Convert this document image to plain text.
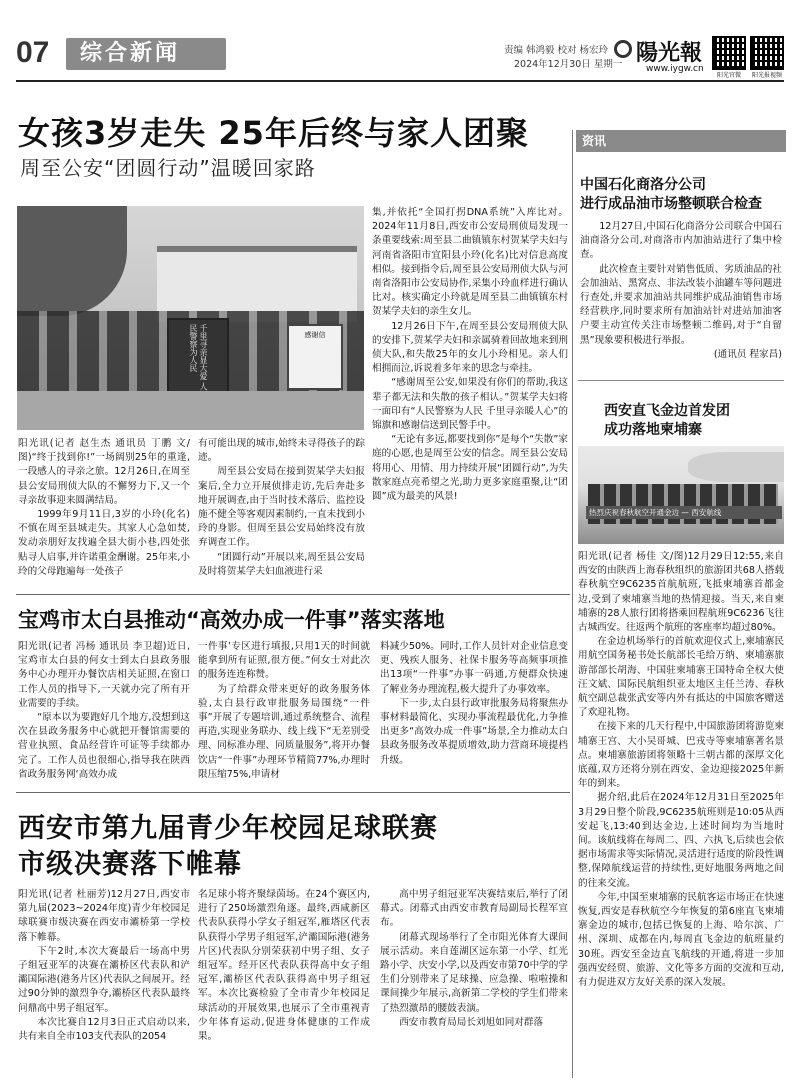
07	综合新闻	责编 韩鸿毅 校对 杨宏玲
2024年12月30日 星期一 陽光報
www.iygw.cn
阳光官微	阳光报视频
女孩3岁走失 25年后终与家人团聚
周至公安“团圆行动”温暖回家路
千里寻亲显大爱 人民警察为人民	感谢信

阳光讯(记者 赵生杰 通讯员 丁鹏 文/图)“终于找到你!”一场阔别25年的重逢,一段感人的寻亲之旅。12月26日,在周至县公安局刑侦大队的不懈努力下,又一个寻亲故事迎来圆满结局。

1999年9月11日,3岁的小玲(化名)不慎在周至县城走失。其家人心急如焚,发动亲朋好友找遍全县大街小巷,四处张贴寻人启事,并许诺重金酬谢。25年来,小玲的父母跑遍每一处孩子

有可能出现的城市,始终未寻得孩子的踪迹。

周至县公安局在接到贺某学夫妇报案后,全力立开展侦排走访,先后奔赴多地开展调查,由于当时技术落后、监控设施不健全等客观因素制约,一直未找到小玲的身影。但周至县公安局始终没有放弃调查工作。

“团圆行动”开展以来,周至县公安局及时将贺某学夫妇血液进行采

集,并依托“全国打拐DNA系统”入库比对。2024年11月8日,西安市公安局刑侦局发现一条重要线索:周至县二曲镇镇东村贺某学夫妇与河南省洛阳市宜阳县小玲(化名)比对信息高度相似。接到指令后,周至县公安局刑侦大队与河南省洛阳市公安局协作,采集小玲血样进行确认比对。核实确定小玲就是周至县二曲镇镇东村贺某学夫妇的亲生女儿。

12月26日下午,在周至县公安局刑侦大队的安排下,贺某学夫妇和亲属骑着回故地来到刑侦大队,和失散25年的女儿小玲相见。亲人们相拥而泣,诉说着多年来的思念与牵挂。

“感谢周至公安,如果没有你们的帮助,我这辈子都无法和失散的孩子相认。”贺某学夫妇将一面印有“人民警察为人民 千里寻亲暖人心”的锦旗和感谢信送到民警手中。

“无论有多远,都要找到你”是每个“失散”家庭的心愿,也是周至公安的信念。周至县公安局将用心、用情、用力持续开展“团圆行动”,为失散家庭点亮希望之光,助力更多家庭重聚,让“团圆”成为最美的风景!

宝鸡市太白县推动“高效办成一件事”落实落地

阳光讯(记者 冯杨 通讯员 李卫超)近日,宝鸡市太白县的何女士到太白县政务服务中心办理开办餐饮店相关证照,在窗口工作人员的指导下,一天就办完了所有开业需要的手续。

“原本以为要跑好几个地方,没想到这次在县政务服务中心就把开餐馆需要的营业执照、食品经营许可证等手续都办完了。工作人员也很细心,指导我在陕西省政务服务网‘高效办成

一件事’专区进行填报,只用1天的时间就能拿到所有证照,很方便。”何女士对此次的服务连连称赞。

为了给群众带来更好的政务服务体验,太白县行政审批服务局围绕“一件事”开展了专题培训,通过系统整合、流程再造,实现业务联办、线上线下“无差别受理、同标准办理、同质量服务”,将开办餐饮店“一件事”办理环节精简77%,办理时限压缩75%,申请材

料减少50%。同时,工作人员针对企业信息变更、残疾人服务、社保卡服务等高频事项推出13项“一件事”办事一码通,方便群众快速了解业务办理流程,极大提升了办事效率。

下一步,太白县行政审批服务局将聚焦办事材料最简化、实现办事流程最优化,力争推出更多“高效办成一件事”场景,全力推动太白县政务服务改革提质增效,助力营商环境提档升级。

西安市第九届青少年校园足球联赛
市级决赛落下帷幕

阳光讯(记者 杜丽芳)12月27日,西安市第九届(2023~2024年度)青少年校园足球联赛市级决赛在西安市灞桥第一学校落下帷幕。

下午2时,本次大赛最后一场高中男子组冠亚军的决赛在灞桥区代表队和浐灞国际港(港务片区)代表队之间展开。经过90分钟的激烈争夺,灞桥区代表队最终问鼎高中男子组冠军。

本次比赛自12月3日正式启动以来,共有来自全市103支代表队的2054

名足球小将齐聚绿茵场。在24个赛区内,进行了250场激烈角逐。最终,西咸新区代表队获得小学女子组冠军,雁塔区代表队获得小学男子组冠军,浐灞国际港(港务片区)代表队分别荣获初中男子组、女子组冠军。经开区代表队获得高中女子组冠军,灞桥区代表队获得高中男子组冠军。本次比赛检验了全市青少年校园足球活动的开展效果,也展示了全市重视青少年体育运动,促进身体健康的工作成果。

高中男子组冠亚军决赛结束后,举行了闭幕式。闭幕式由西安市教育局副局长程军宣布。

闭幕式现场举行了全市阳光体育大课间展示活动。来自莲湖区远东第一小学、红光路小学、庆安小学,以及西安市第70中学的学生们分别带来了足球操、应急操、啦啦操和课间操少年展示,高新第二学校的学生们带来了热烈激昂的腰鼓表演。

西安市教育局局长刘旭如同对群落

资讯
中国石化商洛分公司
进行成品油市场整顿联合检查

12月27日,中国石化商洛分公司联合中国石油商洛分公司,对商洛市内加油站进行了集中检查。

此次检查主要针对销售低质、劣质油品的社会加油站、黑窝点、非法改装小油罐车等问题进行查处,并要求加油站共同维护成品油销售市场经营秩序,同时要求所有加油站针对进站加油客户要主动宣传关注市场整顿二维码,对于“自留黑”现象要积极进行举报。

(通讯员 程家昌)

西安直飞金边首发团
成功落地柬埔寨
热烈庆祝春秋航空开通金边 — 西安航线

阳光讯(记者 杨佳 文/图)12月29日12:55,来自西安的由陕西上海春秋组织的旅游团共68人搭载春秋航空9C6235首航航班,飞抵柬埔寨首都金边,受到了柬埔寨当地的热情迎接。当天,来自柬埔寨的28人旅行团将搭乘回程航班9C6236飞往古城西安。往返两个航班的客座率均超过80%。

在金边机场举行的首航欢迎仪式上,柬埔寨民用航空国务秘书处长航部长毛给万纳、柬埔寨旅游部部长胡海、中国驻柬埔寨王国特命全权大使汪文斌、国际民航组织亚太地区主任兰涛、春秋航空副总裁张武安等内外有抵达的中国旅客赠送了欢迎礼物。

在接下来的几天行程中,中国旅游团将游览柬埔寨王宫、大小吴哥城、巴戎寺等柬埔寨著名景点。柬埔寨旅游团将领略十三朝古都的深厚文化底蕴,双方还将分别在西安、金边迎接2025年新年的到来。

据介绍,此后在2024年12月31日至2025年3月29日整个阶段,9C6235航班则是10:05从西安起飞,13:40到达金边,上述时间均为当地时间。该航线将在每周二、四、六执飞,后续也会依据市场需求等实际情况,灵活进行适度的阶段性调整,保障航线运营的持续性,更好地服务两地之间的往来交流。

今年,中国至柬埔寨的民航客运市场正在快速恢复,西安是春秋航空今年恢复的第6座直飞柬埔寨金边的城市,包括已恢复的上海、哈尔滨、广州、深圳、成都在内,每周直飞金边的航班量约30班。西安至金边直飞航线的开通,将进一步加强西安经贸、旅游、文化等多方面的交流和互动,有力促进双方友好关系的深入发展。
